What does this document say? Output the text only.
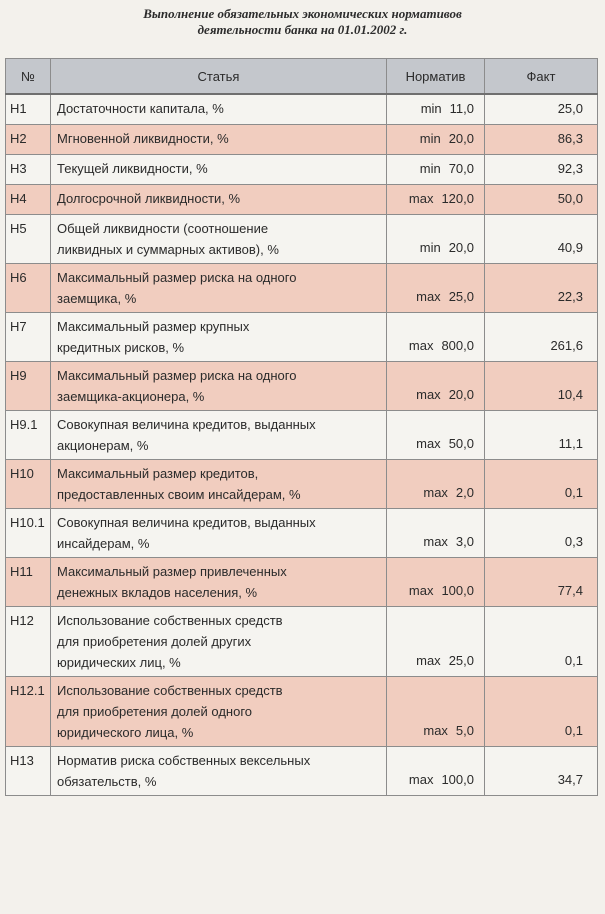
Выполнение обязательных экономических нормативов
деятельности банка на 01.01.2002 г.
№	Статья	Норматив	Факт
Н1	Достаточности капитала, %	min 11,0	25,0
Н2	Мгновенной ликвидности, %	min 20,0	86,3
Н3	Текущей ликвидности, %	min 70,0	92,3
Н4	Долгосрочной ликвидности, %	max 120,0	50,0
Н5	Общей ликвидности (соотношение
ликвидных и суммарных активов), %	min 20,0	40,9
Н6	Максимальный размер риска на одного
заемщика, %	max 25,0	22,3
Н7	Максимальный размер крупных
кредитных рисков, %	max 800,0	261,6
Н9	Максимальный размер риска на одного
заемщика-акционера, %	max 20,0	10,4
Н9.1	Совокупная величина кредитов, выданных
акционерам, %	max 50,0	11,1
Н10	Максимальный размер кредитов,
предоставленных своим инсайдерам, %	max 2,0	0,1
Н10.1	Совокупная величина кредитов, выданных
инсайдерам, %	max 3,0	0,3
Н11	Максимальный размер привлеченных
денежных вкладов населения, %	max 100,0	77,4
Н12	Использование собственных средств
для приобретения долей других
юридических лиц, %	max 25,0	0,1
Н12.1	Использование собственных средств
для приобретения долей одного
юридического лица, %	max 5,0	0,1
Н13	Норматив риска собственных вексельных
обязательств, %	max 100,0	34,7
